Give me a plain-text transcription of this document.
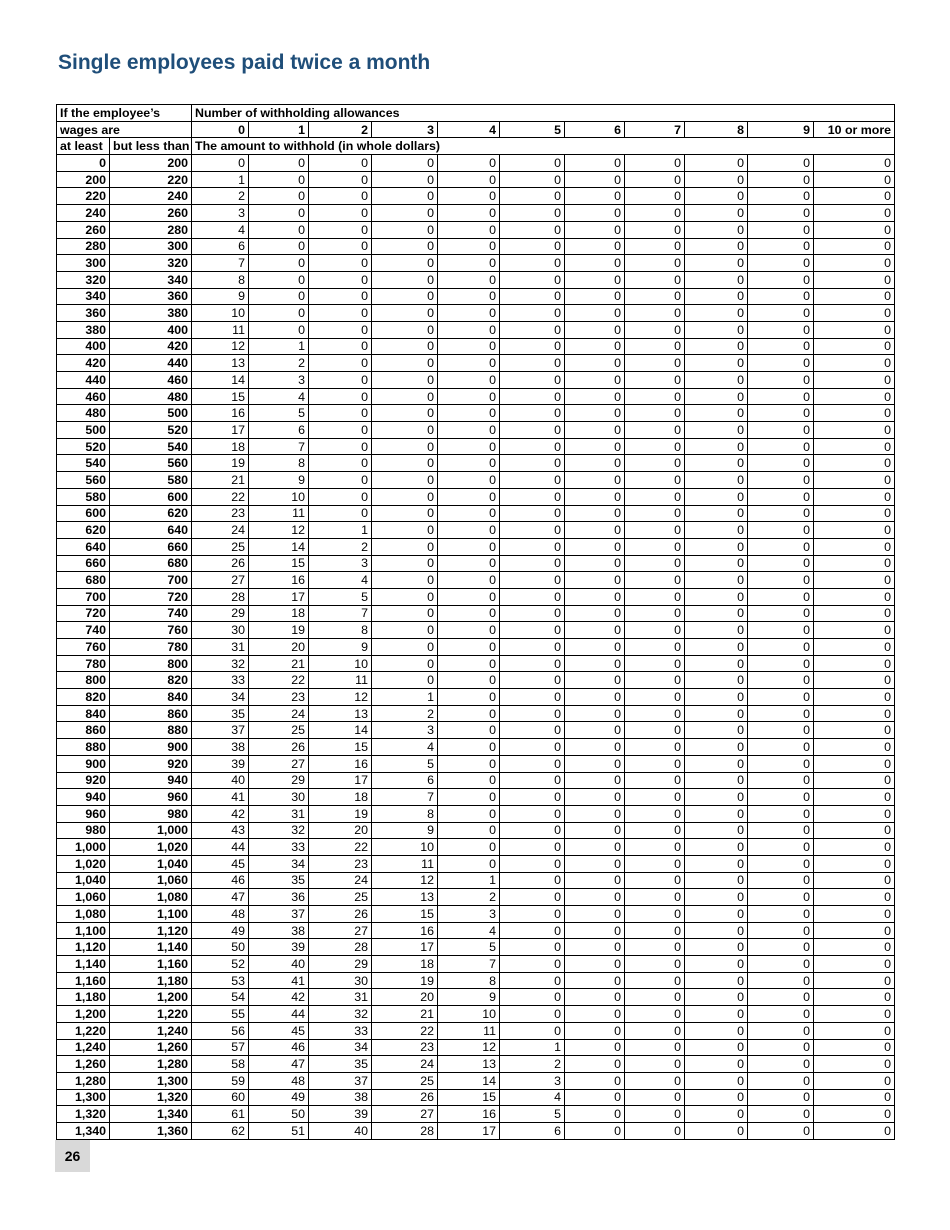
Single employees paid twice a month
If the employee’s		Number of withholding allowances										
wages are		0	1	2	3	4	5	6	7	8	9	10 or more
at least	but less than	The amount to withhold (in whole dollars)										
0	200	0	0	0	0	0	0	0	0	0	0	0
200	220	1	0	0	0	0	0	0	0	0	0	0
220	240	2	0	0	0	0	0	0	0	0	0	0
240	260	3	0	0	0	0	0	0	0	0	0	0
260	280	4	0	0	0	0	0	0	0	0	0	0
280	300	6	0	0	0	0	0	0	0	0	0	0
300	320	7	0	0	0	0	0	0	0	0	0	0
320	340	8	0	0	0	0	0	0	0	0	0	0
340	360	9	0	0	0	0	0	0	0	0	0	0
360	380	10	0	0	0	0	0	0	0	0	0	0
380	400	11	0	0	0	0	0	0	0	0	0	0
400	420	12	1	0	0	0	0	0	0	0	0	0
420	440	13	2	0	0	0	0	0	0	0	0	0
440	460	14	3	0	0	0	0	0	0	0	0	0
460	480	15	4	0	0	0	0	0	0	0	0	0
480	500	16	5	0	0	0	0	0	0	0	0	0
500	520	17	6	0	0	0	0	0	0	0	0	0
520	540	18	7	0	0	0	0	0	0	0	0	0
540	560	19	8	0	0	0	0	0	0	0	0	0
560	580	21	9	0	0	0	0	0	0	0	0	0
580	600	22	10	0	0	0	0	0	0	0	0	0
600	620	23	11	0	0	0	0	0	0	0	0	0
620	640	24	12	1	0	0	0	0	0	0	0	0
640	660	25	14	2	0	0	0	0	0	0	0	0
660	680	26	15	3	0	0	0	0	0	0	0	0
680	700	27	16	4	0	0	0	0	0	0	0	0
700	720	28	17	5	0	0	0	0	0	0	0	0
720	740	29	18	7	0	0	0	0	0	0	0	0
740	760	30	19	8	0	0	0	0	0	0	0	0
760	780	31	20	9	0	0	0	0	0	0	0	0
780	800	32	21	10	0	0	0	0	0	0	0	0
800	820	33	22	11	0	0	0	0	0	0	0	0
820	840	34	23	12	1	0	0	0	0	0	0	0
840	860	35	24	13	2	0	0	0	0	0	0	0
860	880	37	25	14	3	0	0	0	0	0	0	0
880	900	38	26	15	4	0	0	0	0	0	0	0
900	920	39	27	16	5	0	0	0	0	0	0	0
920	940	40	29	17	6	0	0	0	0	0	0	0
940	960	41	30	18	7	0	0	0	0	0	0	0
960	980	42	31	19	8	0	0	0	0	0	0	0
980	1,000	43	32	20	9	0	0	0	0	0	0	0
1,000	1,020	44	33	22	10	0	0	0	0	0	0	0
1,020	1,040	45	34	23	11	0	0	0	0	0	0	0
1,040	1,060	46	35	24	12	1	0	0	0	0	0	0
1,060	1,080	47	36	25	13	2	0	0	0	0	0	0
1,080	1,100	48	37	26	15	3	0	0	0	0	0	0
1,100	1,120	49	38	27	16	4	0	0	0	0	0	0
1,120	1,140	50	39	28	17	5	0	0	0	0	0	0
1,140	1,160	52	40	29	18	7	0	0	0	0	0	0
1,160	1,180	53	41	30	19	8	0	0	0	0	0	0
1,180	1,200	54	42	31	20	9	0	0	0	0	0	0
1,200	1,220	55	44	32	21	10	0	0	0	0	0	0
1,220	1,240	56	45	33	22	11	0	0	0	0	0	0
1,240	1,260	57	46	34	23	12	1	0	0	0	0	0
1,260	1,280	58	47	35	24	13	2	0	0	0	0	0
1,280	1,300	59	48	37	25	14	3	0	0	0	0	0
1,300	1,320	60	49	38	26	15	4	0	0	0	0	0
1,320	1,340	61	50	39	27	16	5	0	0	0	0	0
1,340	1,360	62	51	40	28	17	6	0	0	0	0	0
26
